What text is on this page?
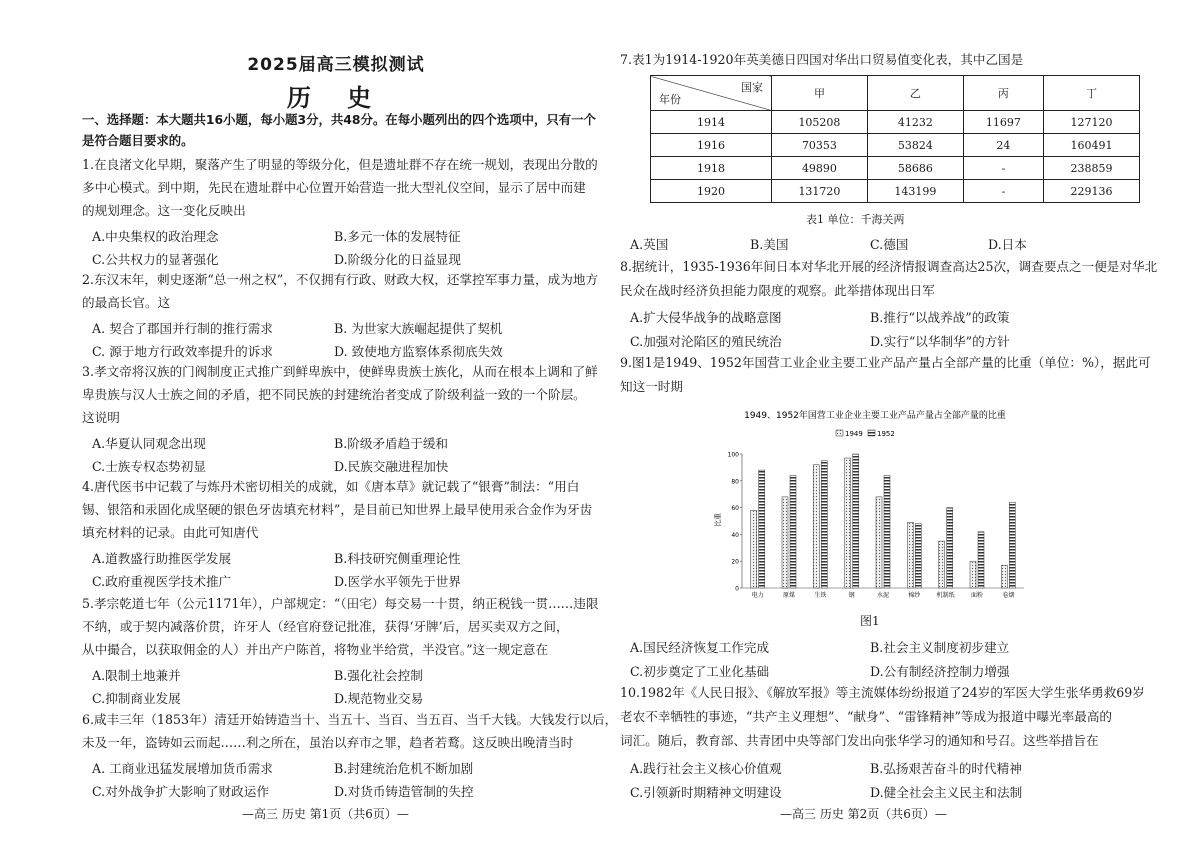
2025届高三模拟测试
历 史
一、选择题：本大题共16小题，每小题3分，共48分。在每小题列出的四个选项中，只有一个
是符合题目要求的。
1.在良渚文化早期，聚落产生了明显的等级分化，但是遗址群不存在统一规划，表现出分散的
多中心模式。到中期，先民在遗址群中心位置开始营造一批大型礼仪空间，显示了居中而建
的规划理念。这一变化反映出
A.中央集权的政治理念	B.多元一体的发展特征
C.公共权力的显著强化	D.阶级分化的日益显现
2.东汉末年，刺史逐渐“总一州之权”，不仅拥有行政、财政大权，还掌控军事力量，成为地方
的最高长官。这
A. 契合了郡国并行制的推行需求	B. 为世家大族崛起提供了契机
C. 源于地方行政效率提升的诉求	D. 致使地方监察体系彻底失效
3.孝文帝将汉族的门阀制度正式推广到鲜卑族中，使鲜卑贵族士族化，从而在根本上调和了鲜
卑贵族与汉人士族之间的矛盾，把不同民族的封建统治者变成了阶级利益一致的一个阶层。
这说明
A.华夏认同观念出现	B.阶级矛盾趋于缓和
C.士族专权态势初显	D.民族交融进程加快
4.唐代医书中记载了与炼丹术密切相关的成就，如《唐本草》就记载了“银膏”制法：“用白
锡、银箔和汞固化成坚硬的银色牙齿填充材料”，是目前已知世界上最早使用汞合金作为牙齿
填充材料的记录。由此可知唐代
A.道教盛行助推医学发展	B.科技研究侧重理论性
C.政府重视医学技术推广	D.医学水平领先于世界
5.孝宗乾道七年（公元1171年），户部规定：“（田宅）每交易一十贯，纳正税钱一贯……违限
不纳，或于契内减落价贯，许牙人（经官府登记批准，获得‘牙牌’后，居买卖双方之间，
从中撮合，以获取佣金的人）并出产户陈首，将物业半给赏，半没官。”这一规定意在
A.限制土地兼并	B.强化社会控制
C.抑制商业发展	D.规范物业交易
6.咸丰三年（1853年）清廷开始铸造当十、当五十、当百、当五百、当千大钱。大钱发行以后，
未及一年，盗铸如云而起……利之所在，虽治以弃市之罪，趋者若鹜。这反映出晚清当时
A. 工商业迅猛发展增加货币需求	B.封建统治危机不断加剧
C.对外战争扩大影响了财政运作	D.对货币铸造管制的失控
—高三 历史 第1页（共6页）—
7.表1为1914-1920年英美德日四国对华出口贸易值变化表，其中乙国是
国家
年份	甲	乙	丙	丁
1914	105208	41232	11697	127120
1916	70353	53824	24	160491
1918	49890	58686	-	238859
1920	131720	143199	-	229136
表1 单位：千海关两
A.英国	B.美国	C.德国	D.日本
8.据统计，1935-1936年间日本对华北开展的经济情报调查高达25次，调查要点之一便是对华北
民众在战时经济负担能力限度的观察。此举措体现出日军
A.扩大侵华战争的战略意图	B.推行“以战养战”的政策
C.加强对沦陷区的殖民统治	D.实行“以华制华”的方针
9.图1是1949、1952年国营工业企业主要工业产品产量占全部产量的比重（单位：%），据此可
知这一时期
1949、1952年国营工业企业主要工业产品产量占全部产量的比重
1949 1952
比重
0
20
40
60
80
100
电力	原煤	生铁	钢	水泥	棉纱	机制纸	面粉	卷烟
图1
A.国民经济恢复工作完成	B.社会主义制度初步建立
C.初步奠定了工业化基础	D.公有制经济控制力增强
10.1982年《人民日报》、《解放军报》等主流媒体纷纷报道了24岁的军医大学生张华勇救69岁
老农不幸牺牲的事迹，“共产主义理想”、“献身”、“雷锋精神”等成为报道中曝光率最高的
词汇。随后，教育部、共青团中央等部门发出向张华学习的通知和号召。这些举措旨在
A.践行社会主义核心价值观	B.弘扬艰苦奋斗的时代精神
C.引领新时期精神文明建设	D.健全社会主义民主和法制
—高三 历史 第2页（共6页）—
